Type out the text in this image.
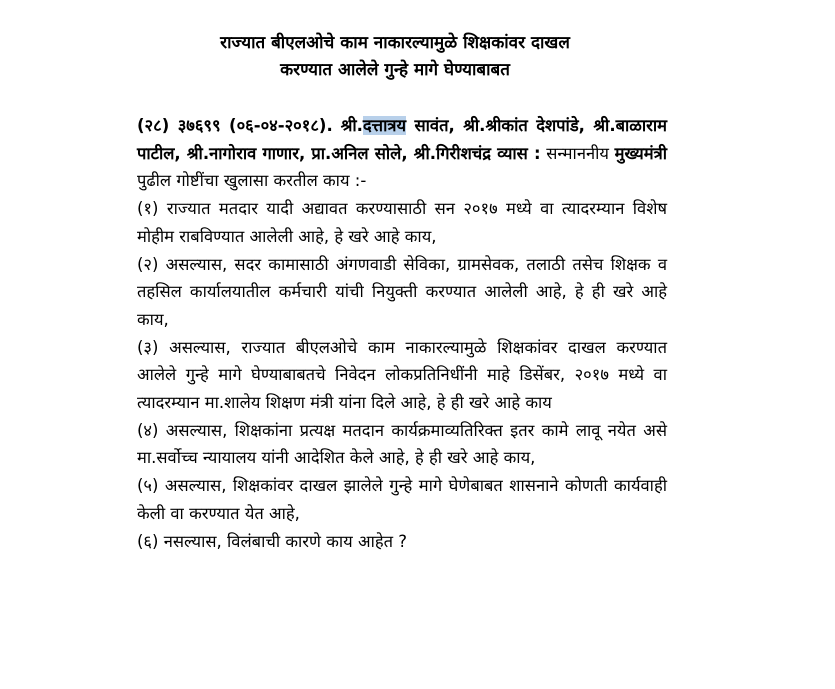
राज्यात बीएलओचे काम नाकारल्यामुळे शिक्षकांवर दाखल
करण्यात आलेले गुन्हे मागे घेण्याबाबत

(२८) ३७६९९ (०६-०४-२०१८). श्री.दत्तात्रय सावंत, श्री.श्रीकांत देशपांडे, श्री.बाळाराम पाटील, श्री.नागोराव गाणार, प्रा.अनिल सोले, श्री.गिरीशचंद्र व्यास : सन्माननीय मुख्यमंत्री पुढील गोष्टींचा खुलासा करतील काय :-

(१) राज्यात मतदार यादी अद्यावत करण्यासाठी सन २०१७ मध्ये वा त्यादरम्यान विशेष मोहीम राबविण्यात आलेली आहे, हे खरे आहे काय,

(२) असल्यास, सदर कामासाठी अंगणवाडी सेविका, ग्रामसेवक, तलाठी तसेच शिक्षक व तहसिल कार्यालयातील कर्मचारी यांची नियुक्ती करण्यात आलेली आहे, हे ही खरे आहे काय,

(३) असल्यास, राज्यात बीएलओचे काम नाकारल्यामुळे शिक्षकांवर दाखल करण्यात आलेले गुन्हे मागे घेण्याबाबतचे निवेदन लोकप्रतिनिधींनी माहे डिसेंबर, २०१७ मध्ये वा त्यादरम्यान मा.शालेय शिक्षण मंत्री यांना दिले आहे, हे ही खरे आहे काय

(४) असल्यास, शिक्षकांना प्रत्यक्ष मतदान कार्यक्रमाव्यतिरिक्त इतर कामे लावू नयेत असे मा.सर्वोच्च न्यायालय यांनी आदेशित केले आहे, हे ही खरे आहे काय,

(५) असल्यास, शिक्षकांवर दाखल झालेले गुन्हे मागे घेणेबाबत शासनाने कोणती कार्यवाही केली वा करण्यात येत आहे,

(६) नसल्यास, विलंबाची कारणे काय आहेत ?
